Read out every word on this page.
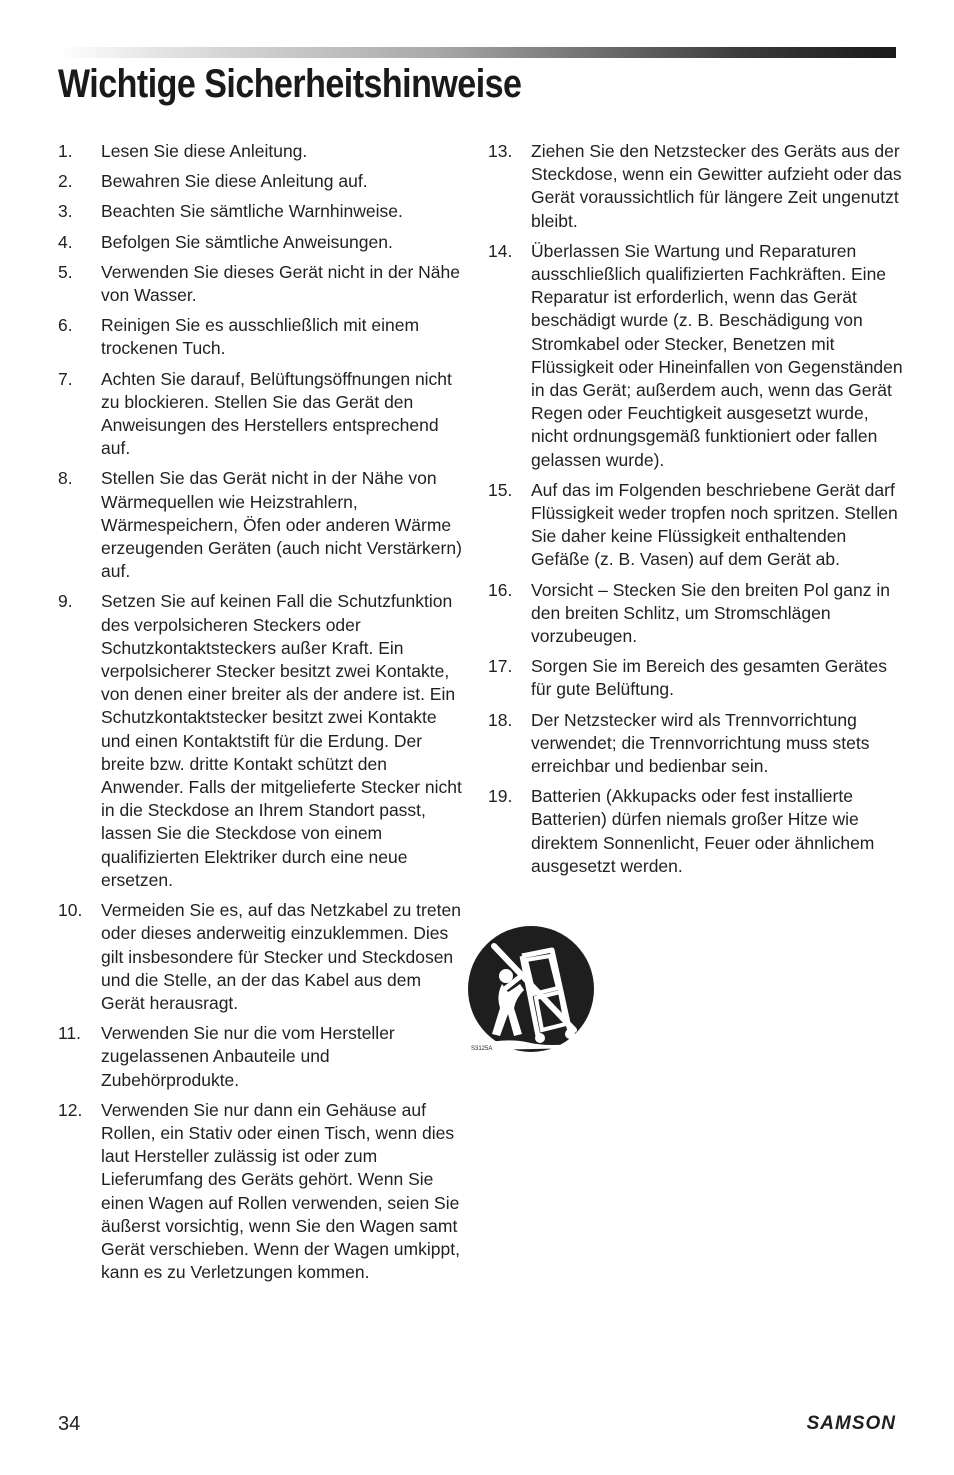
Wichtige Sicherheitshinweise
1. Lesen Sie diese Anleitung.
2. Bewahren Sie diese Anleitung auf.
3. Beachten Sie sämtliche Warnhinweise.
4. Befolgen Sie sämtliche Anweisungen.
5. Verwenden Sie dieses Gerät nicht in der Nähe von Wasser.
6. Reinigen Sie es ausschließlich mit einem trockenen Tuch.
7. Achten Sie darauf, Belüftungsöffnungen nicht zu blockieren. Stellen Sie das Gerät den Anweisungen des Herstellers entsprechend auf.
8. Stellen Sie das Gerät nicht in der Nähe von Wärmequellen wie Heizstrahlern, Wärmespeichern, Öfen oder anderen Wärme erzeugenden Geräten (auch nicht Verstärkern) auf.
9. Setzen Sie auf keinen Fall die Schutzfunktion des verpolsicheren Steckers oder Schutzkontaktsteckers außer Kraft. Ein verpolsicherer Stecker besitzt zwei Kontakte, von denen einer breiter als der andere ist. Ein Schutzkontaktstecker besitzt zwei Kontakte und einen Kontaktstift für die Erdung. Der breite bzw. dritte Kontakt schützt den Anwender. Falls der mitgelieferte Stecker nicht in die Steckdose an Ihrem Standort passt, lassen Sie die Steckdose von einem qualifizierten Elektriker durch eine neue ersetzen.
10. Vermeiden Sie es, auf das Netzkabel zu treten oder dieses anderweitig einzuklemmen. Dies gilt insbesondere für Stecker und Steckdosen und die Stelle, an der das Kabel aus dem Gerät herausragt.
11. Verwenden Sie nur die vom Hersteller zugelassenen Anbauteile und Zubehörprodukte.
12. Verwenden Sie nur dann ein Gehäuse auf Rollen, ein Stativ oder einen Tisch, wenn dies laut Hersteller zulässig ist oder zum Lieferumfang des Geräts gehört. Wenn Sie einen Wagen auf Rollen verwenden, seien Sie äußerst vorsichtig, wenn Sie den Wagen samt Gerät verschieben. Wenn der Wagen umkippt, kann es zu Verletzungen kommen.
13. Ziehen Sie den Netzstecker des Geräts aus der Steckdose, wenn ein Gewitter aufzieht oder das Gerät voraussichtlich für längere Zeit ungenutzt bleibt.
14. Überlassen Sie Wartung und Reparaturen ausschließlich qualifizierten Fachkräften. Eine Reparatur ist erforderlich, wenn das Gerät beschädigt wurde (z. B. Beschädigung von Stromkabel oder Stecker, Benetzen mit Flüssigkeit oder Hineinfallen von Gegenständen in das Gerät; außerdem auch, wenn das Gerät Regen oder Feuchtigkeit ausgesetzt wurde, nicht ordnungsgemäß funktioniert oder fallen gelassen wurde).
15. Auf das im Folgenden beschriebene Gerät darf Flüssigkeit weder tropfen noch spritzen. Stellen Sie daher keine Flüssigkeit enthaltenden Gefäße (z. B. Vasen) auf dem Gerät ab.
16. Vorsicht – Stecken Sie den breiten Pol ganz in den breiten Schlitz, um Stromschlägen vorzubeugen.
17. Sorgen Sie im Bereich des gesamten Gerätes für gute Belüftung.
18. Der Netzstecker wird als Trennvorrichtung verwendet; die Trennvorrichtung muss stets erreichbar und bedienbar sein.
19. Batterien (Akkupacks oder fest installierte Batterien) dürfen niemals großer Hitze wie direktem Sonnenlicht, Feuer oder ähnlichem ausgesetzt werden.
S3125A
34	SAMSON
